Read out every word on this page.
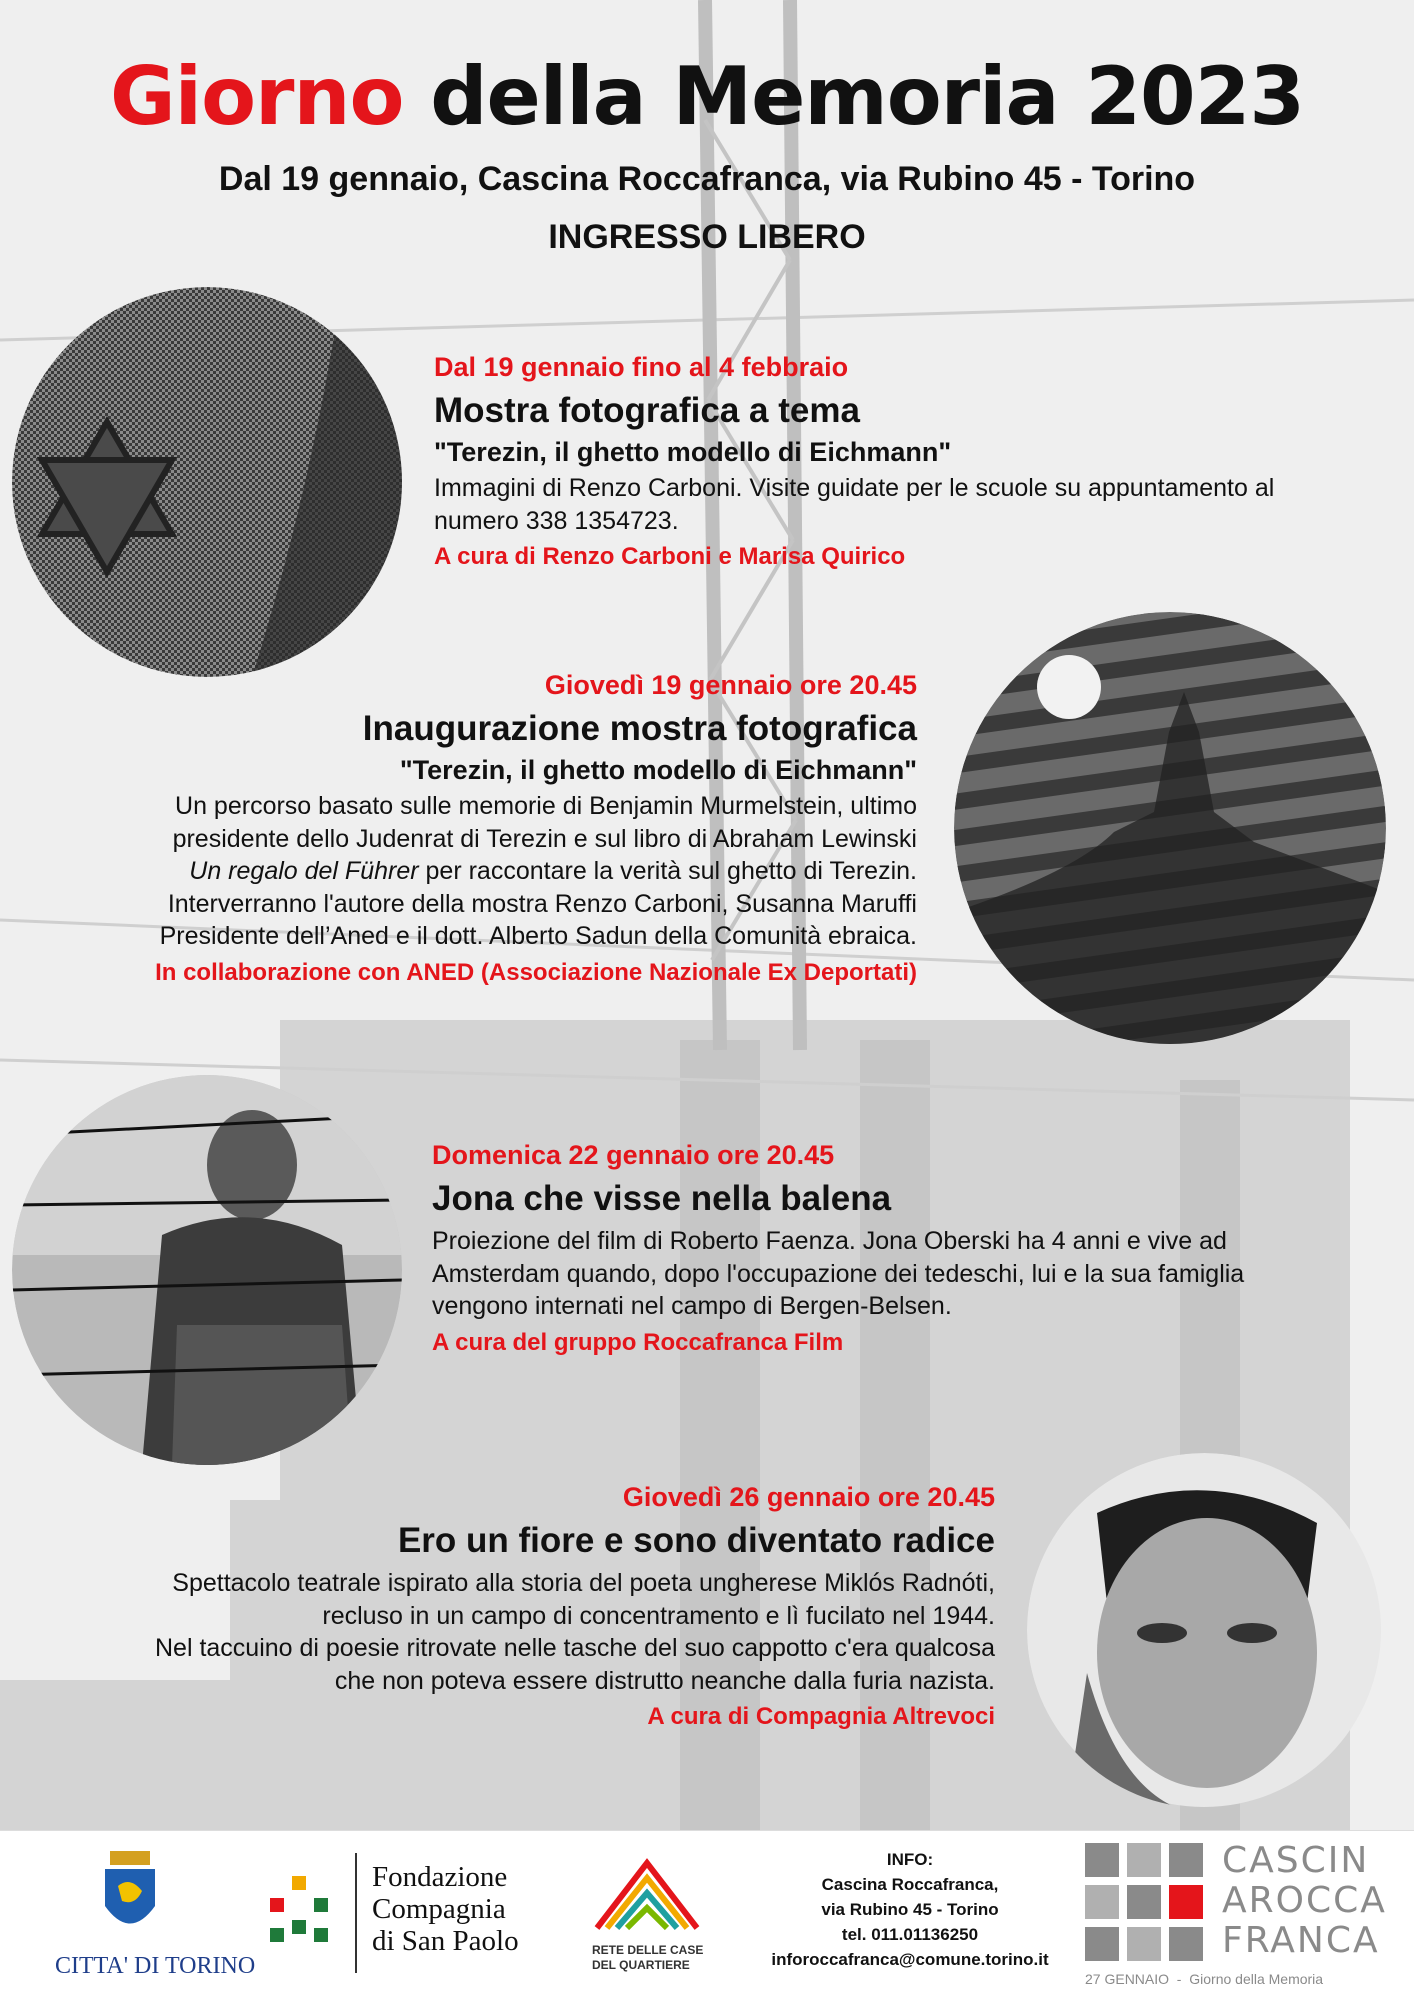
Giorno della Memoria 2023
Dal 19 gennaio, Cascina Roccafranca, via Rubino 45 - Torino
INGRESSO LIBERO
Dal 19 gennaio fino al 4 febbraio
Mostra fotografica a tema
"Terezin, il ghetto modello di Eichmann"
Immagini di Renzo Carboni. Visite guidate per le scuole su appuntamento al
numero 338 1354723.
A cura di Renzo Carboni e Marisa Quirico
Giovedì 19 gennaio ore 20.45
Inaugurazione mostra fotografica
"Terezin, il ghetto modello di Eichmann"
Un percorso basato sulle memorie di Benjamin Murmelstein, ultimo
presidente dello Judenrat di Terezin e sul libro di Abraham Lewinski
Un regalo del Führer per raccontare la verità sul ghetto di Terezin.
Interverranno l'autore della mostra Renzo Carboni, Susanna Maruffi
Presidente dell’Aned e il dott. Alberto Sadun della Comunità ebraica.
In collaborazione con ANED (Associazione Nazionale Ex Deportati)
Domenica 22 gennaio ore 20.45
Jona che visse nella balena
Proiezione del film di Roberto Faenza. Jona Oberski ha 4 anni e vive ad
Amsterdam quando, dopo l'occupazione dei tedeschi, lui e la sua famiglia
vengono internati nel campo di Bergen-Belsen.
A cura del gruppo Roccafranca Film
Giovedì 26 gennaio ore 20.45
Ero un fiore e sono diventato radice
Spettacolo teatrale ispirato alla storia del poeta ungherese Miklós Radnóti,
recluso in un campo di concentramento e lì fucilato nel 1944.
Nel taccuino di poesie ritrovate nelle tasche del suo cappotto c'era qualcosa
che non poteva essere distrutto neanche dalla furia nazista.
A cura di Compagnia Altrevoci
CITTA' DI TORINO
Fondazione
Compagnia
di San Paolo	RETE DELLE CASE
DEL QUARTIERE
INFO:
Cascina Roccafranca,
via Rubino 45 - Torino
tel. 011.01136250
inforoccafranca@comune.torino.it
CASCIN
AROCCA
FRANCA
27 GENNAIO  -  Giorno della Memoria
